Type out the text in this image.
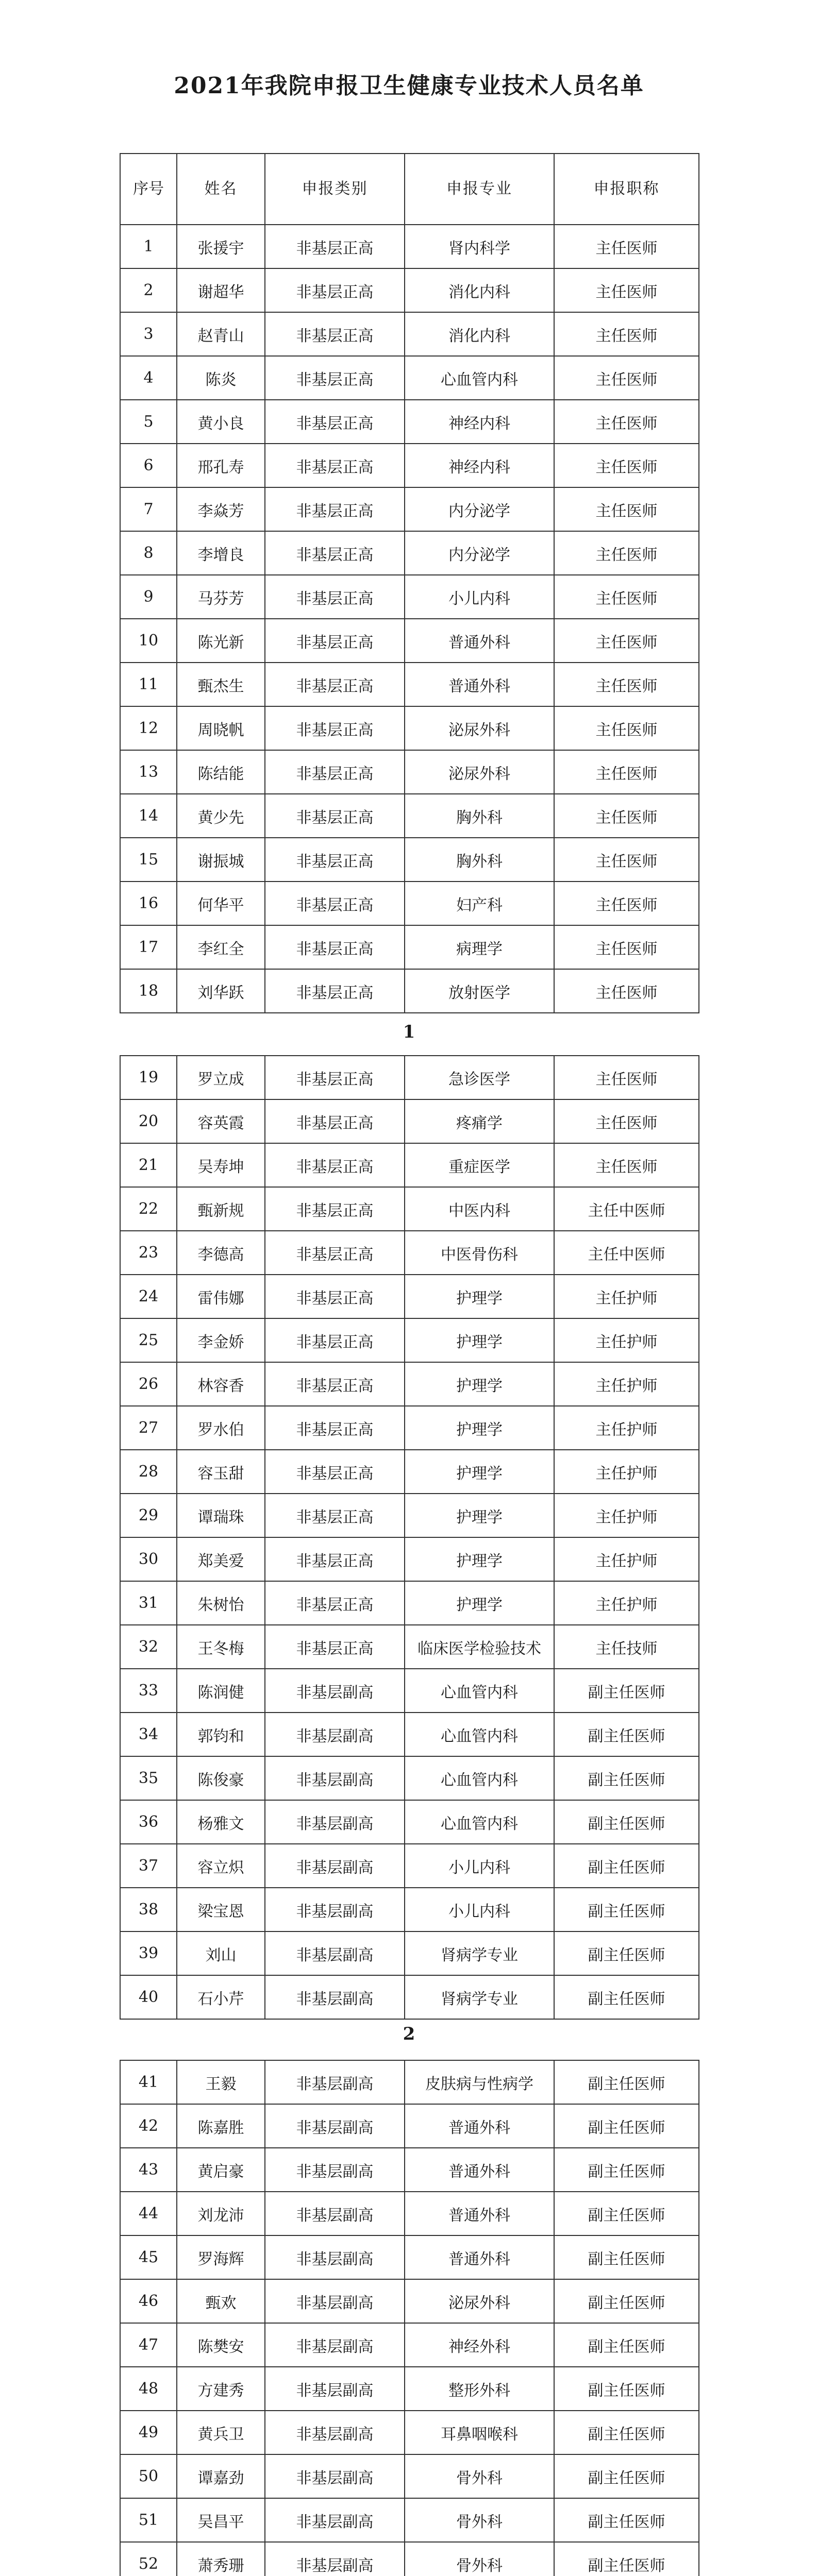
2021年我院申报卫生健康专业技术人员名单
序号	姓名	申报类别	申报专业	申报职称
1	张援宇	非基层正高	肾内科学	主任医师
2	谢超华	非基层正高	消化内科	主任医师
3	赵青山	非基层正高	消化内科	主任医师
4	陈炎	非基层正高	心血管内科	主任医师
5	黄小良	非基层正高	神经内科	主任医师
6	邢孔寿	非基层正高	神经内科	主任医师
7	李焱芳	非基层正高	内分泌学	主任医师
8	李增良	非基层正高	内分泌学	主任医师
9	马芬芳	非基层正高	小儿内科	主任医师
10	陈光新	非基层正高	普通外科	主任医师
11	甄杰生	非基层正高	普通外科	主任医师
12	周晓帆	非基层正高	泌尿外科	主任医师
13	陈结能	非基层正高	泌尿外科	主任医师
14	黄少先	非基层正高	胸外科	主任医师
15	谢振城	非基层正高	胸外科	主任医师
16	何华平	非基层正高	妇产科	主任医师
17	李红全	非基层正高	病理学	主任医师
18	刘华跃	非基层正高	放射医学	主任医师
1
19	罗立成	非基层正高	急诊医学	主任医师
20	容英霞	非基层正高	疼痛学	主任医师
21	吴寿坤	非基层正高	重症医学	主任医师
22	甄新规	非基层正高	中医内科	主任中医师
23	李德高	非基层正高	中医骨伤科	主任中医师
24	雷伟娜	非基层正高	护理学	主任护师
25	李金娇	非基层正高	护理学	主任护师
26	林容香	非基层正高	护理学	主任护师
27	罗水伯	非基层正高	护理学	主任护师
28	容玉甜	非基层正高	护理学	主任护师
29	谭瑞珠	非基层正高	护理学	主任护师
30	郑美爱	非基层正高	护理学	主任护师
31	朱树怡	非基层正高	护理学	主任护师
32	王冬梅	非基层正高	临床医学检验技术	主任技师
33	陈润健	非基层副高	心血管内科	副主任医师
34	郭钧和	非基层副高	心血管内科	副主任医师
35	陈俊豪	非基层副高	心血管内科	副主任医师
36	杨雅文	非基层副高	心血管内科	副主任医师
37	容立炽	非基层副高	小儿内科	副主任医师
38	梁宝恩	非基层副高	小儿内科	副主任医师
39	刘山	非基层副高	肾病学专业	副主任医师
40	石小芹	非基层副高	肾病学专业	副主任医师
2
41	王毅	非基层副高	皮肤病与性病学	副主任医师
42	陈嘉胜	非基层副高	普通外科	副主任医师
43	黄启豪	非基层副高	普通外科	副主任医师
44	刘龙沛	非基层副高	普通外科	副主任医师
45	罗海辉	非基层副高	普通外科	副主任医师
46	甄欢	非基层副高	泌尿外科	副主任医师
47	陈樊安	非基层副高	神经外科	副主任医师
48	方建秀	非基层副高	整形外科	副主任医师
49	黄兵卫	非基层副高	耳鼻咽喉科	副主任医师
50	谭嘉劲	非基层副高	骨外科	副主任医师
51	吴昌平	非基层副高	骨外科	副主任医师
52	萧秀珊	非基层副高	骨外科	副主任医师
